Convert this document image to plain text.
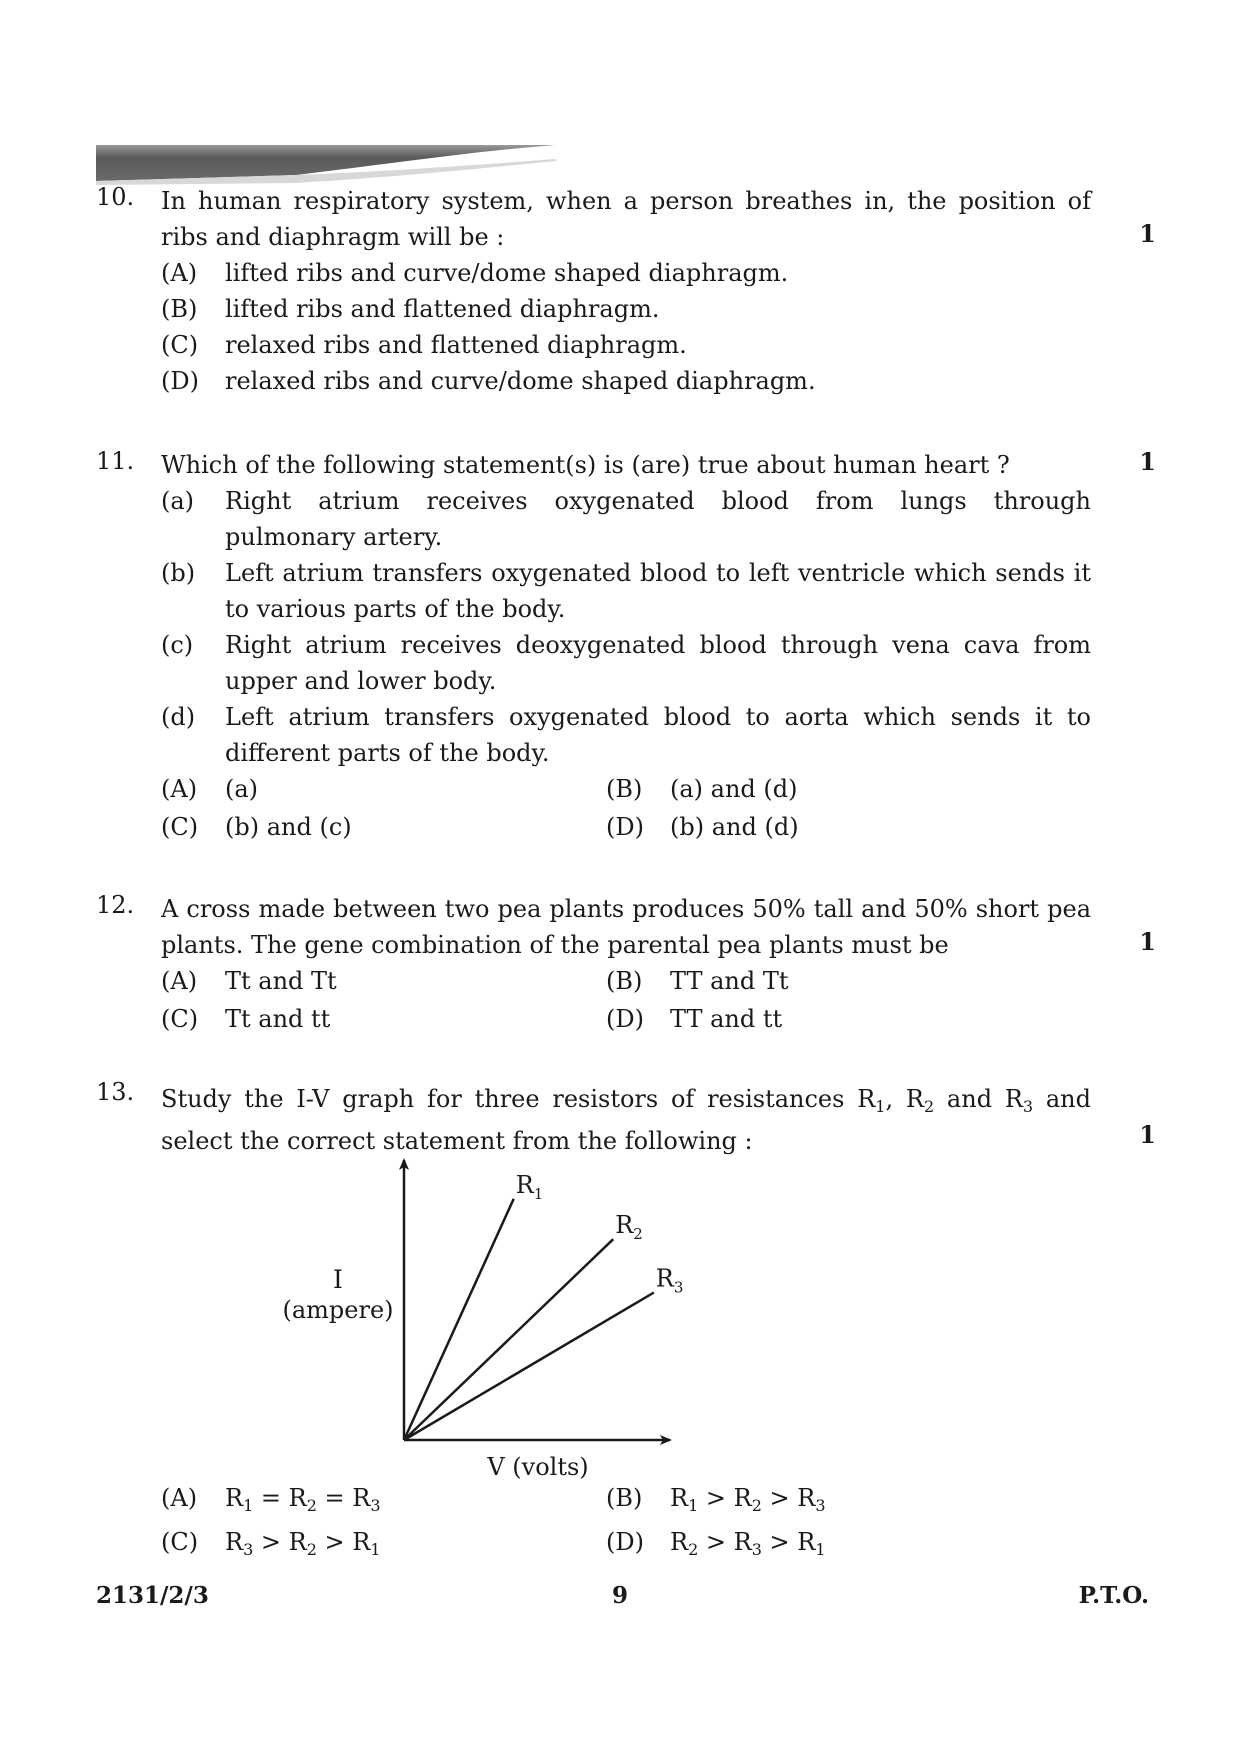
10. In human respiratory system, when a person breathes in, the position of ribs and diaphragm will be :	1
(A) lifted ribs and curve/dome shaped diaphragm.
(B) lifted ribs and flattened diaphragm.
(C) relaxed ribs and flattened diaphragm.
(D) relaxed ribs and curve/dome shaped diaphragm.
11. Which of the following statement(s) is (are) true about human heart ?	1
(a) Right atrium receives oxygenated blood from lungs through pulmonary artery.
(b) Left atrium transfers oxygenated blood to left ventricle which sends it to various parts of the body.
(c) Right atrium receives deoxygenated blood through vena cava from upper and lower body.
(d) Left atrium transfers oxygenated blood to aorta which sends it to different parts of the body.
(A) (a)	(B) (a) and (d)
(C) (b) and (c)	(D) (b) and (d)
12. A cross made between two pea plants produces 50% tall and 50% short pea plants. The gene combination of the parental pea plants must be	1
(A) Tt and Tt	(B) TT and Tt
(C) Tt and tt	(D) TT and tt
13. Study the I-V graph for three resistors of resistances $R_1$, $R_2$ and $R_3$ and select the correct statement from the following :	1
$R_1$
$R_2$
$R_3$
I
(ampere)
V (volts)
(A) $R_1 = R_2 = R_3$	(B) $R_1 > R_2 > R_3$
(C) $R_3 > R_2 > R_1$	(D) $R_2 > R_3 > R_1$
2131/2/3	9	P.T.O.
